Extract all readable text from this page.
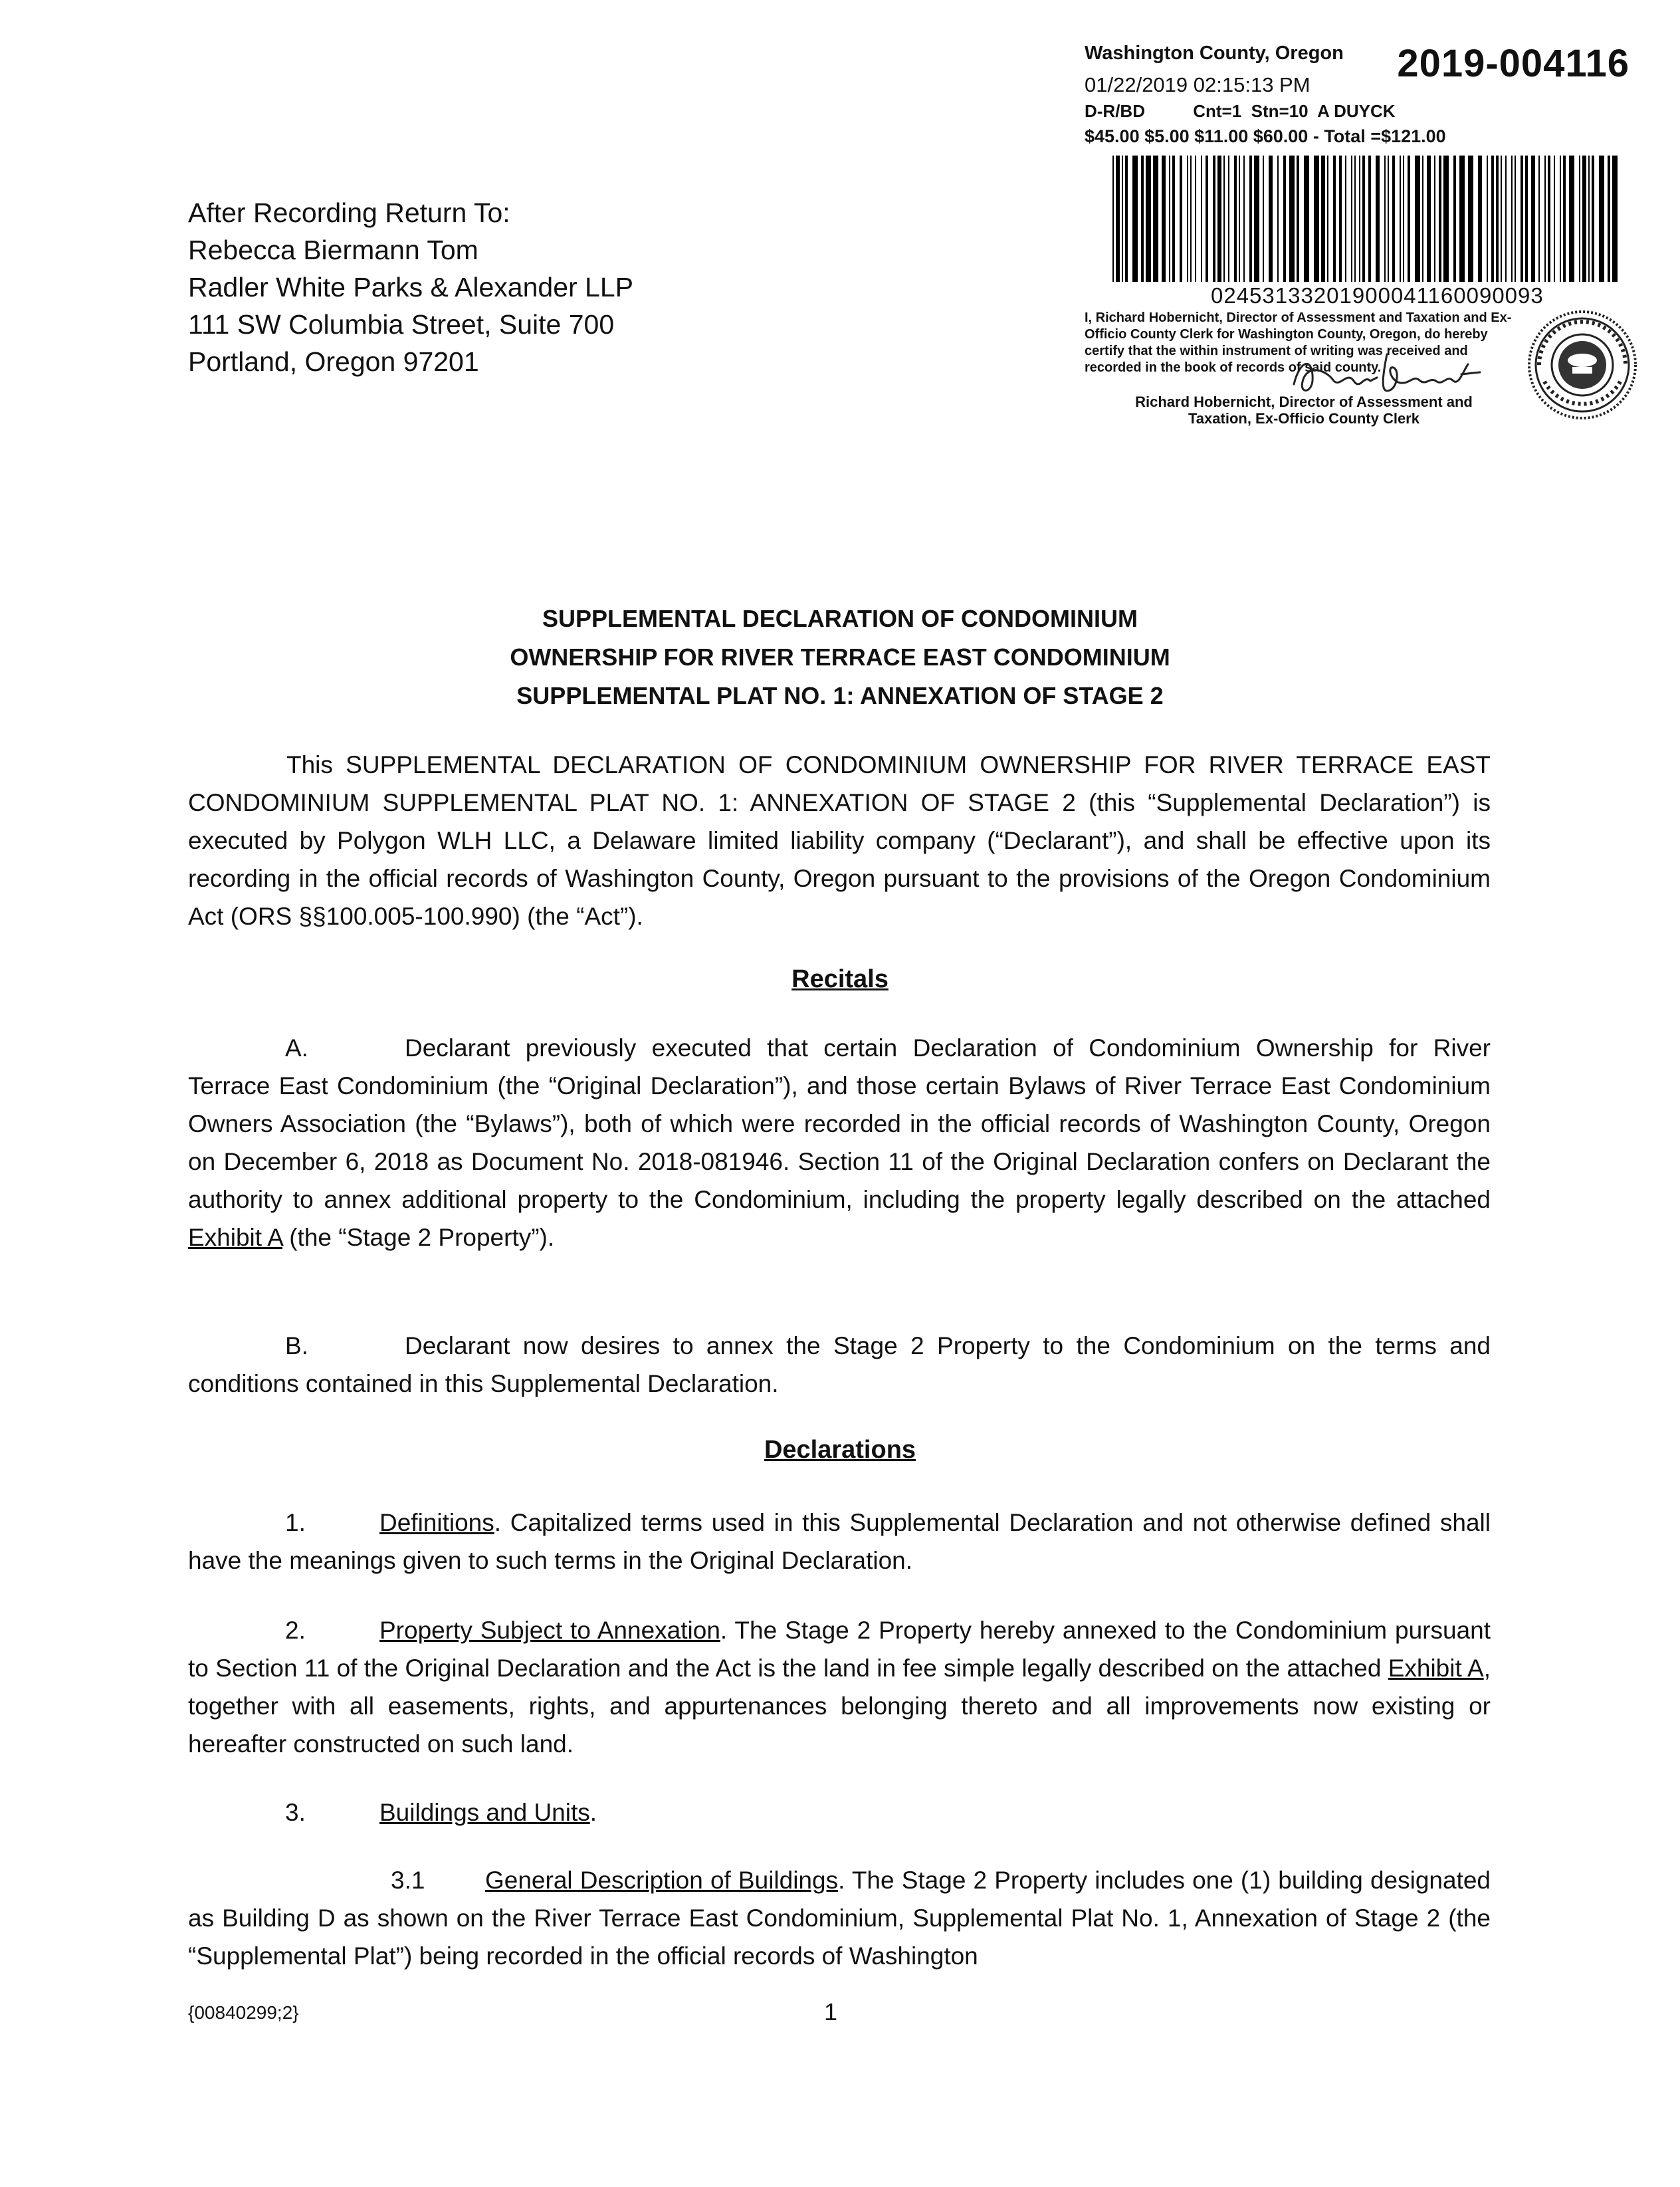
Washington County, Oregon 2019-004116
01/22/2019 02:15:13 PM
D-R/BD          Cnt=1  Stn=10  A DUYCK
$45.00 $5.00 $11.00 $60.00 - Total =$121.00
02453133201900041160090093
I, Richard Hobernicht, Director of Assessment and Taxation and Ex-Officio County Clerk for Washington County, Oregon, do hereby certify that the within instrument of writing was received and recorded in the book of records of said county.
Richard Hobernicht, Director of Assessment and
Taxation, Ex-Officio County Clerk
After Recording Return To:
Rebecca Biermann Tom
Radler White Parks & Alexander LLP
111 SW Columbia Street, Suite 700
Portland, Oregon 97201
SUPPLEMENTAL DECLARATION OF CONDOMINIUM
OWNERSHIP FOR RIVER TERRACE EAST CONDOMINIUM
SUPPLEMENTAL PLAT NO. 1: ANNEXATION OF STAGE 2
This SUPPLEMENTAL DECLARATION OF CONDOMINIUM OWNERSHIP FOR RIVER TERRACE EAST CONDOMINIUM SUPPLEMENTAL PLAT NO. 1: ANNEXATION OF STAGE 2 (this “Supplemental Declaration”) is executed by Polygon WLH LLC, a Delaware limited liability company (“Declarant”), and shall be effective upon its recording in the official records of Washington County, Oregon pursuant to the provisions of the Oregon Condominium Act (ORS §§100.005-100.990) (the “Act”).
Recitals
A.	Declarant previously executed that certain Declaration of Condominium Ownership for River Terrace East Condominium (the “Original Declaration”), and those certain Bylaws of River Terrace East Condominium Owners Association (the “Bylaws”), both of which were recorded in the official records of Washington County, Oregon on December 6, 2018 as Document No. 2018-081946. Section 11 of the Original Declaration confers on Declarant the authority to annex additional property to the Condominium, including the property legally described on the attached Exhibit A (the “Stage 2 Property”).
B.	Declarant now desires to annex the Stage 2 Property to the Condominium on the terms and conditions contained in this Supplemental Declaration.
Declarations
1.	Definitions. Capitalized terms used in this Supplemental Declaration and not otherwise defined shall have the meanings given to such terms in the Original Declaration.
2.	Property Subject to Annexation. The Stage 2 Property hereby annexed to the Condominium pursuant to Section 11 of the Original Declaration and the Act is the land in fee simple legally described on the attached Exhibit A, together with all easements, rights, and appurtenances belonging thereto and all improvements now existing or hereafter constructed on such land.
3.	Buildings and Units.
3.1 General Description of Buildings. The Stage 2 Property includes one (1) building designated as Building D as shown on the River Terrace East Condominium, Supplemental Plat No. 1, Annexation of Stage 2 (the “Supplemental Plat”) being recorded in the official records of Washington
{00840299;2}	1
